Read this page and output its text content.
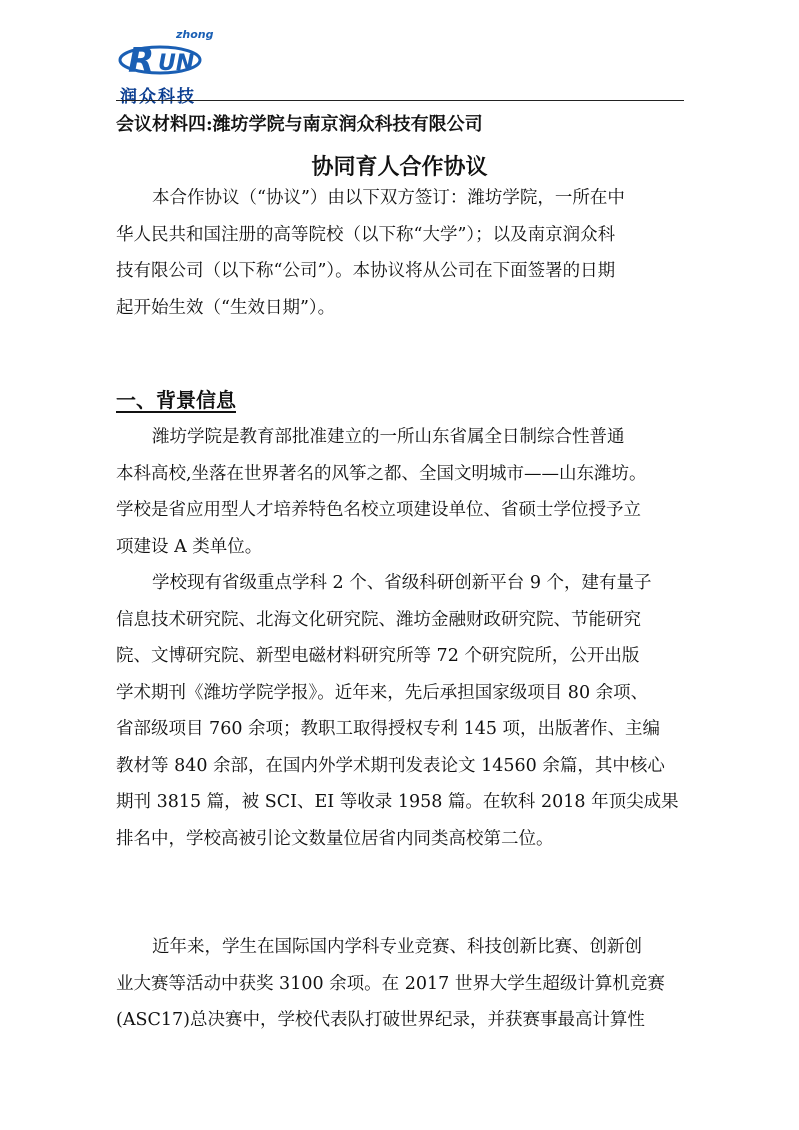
R UN
zhong
润众科技
会议材料四:潍坊学院与南京润众科技有限公司
协同育人合作协议
本合作协议（“协议”）由以下双方签订：潍坊学院，一所在中
华人民共和国注册的高等院校（以下称“大学”）；以及南京润众科
技有限公司（以下称“公司”）。本协议将从公司在下面签署的日期
起开始生效（“生效日期”）。
一、背景信息
潍坊学院是教育部批准建立的一所山东省属全日制综合性普通
本科高校,坐落在世界著名的风筝之都、全国文明城市——山东潍坊。
学校是省应用型人才培养特色名校立项建设单位、省硕士学位授予立
项建设 A 类单位。
学校现有省级重点学科 2 个、省级科研创新平台 9 个，建有量子
信息技术研究院、北海文化研究院、潍坊金融财政研究院、节能研究
院、文博研究院、新型电磁材料研究所等 72 个研究院所，公开出版
学术期刊《潍坊学院学报》。近年来，先后承担国家级项目 80 余项、
省部级项目 760 余项；教职工取得授权专利 145 项，出版著作、主编
教材等 840 余部，在国内外学术期刊发表论文 14560 余篇，其中核心
期刊 3815 篇，被 SCI、EI 等收录 1958 篇。在软科 2018 年顶尖成果
排名中，学校高被引论文数量位居省内同类高校第二位。
近年来，学生在国际国内学科专业竞赛、科技创新比赛、创新创
业大赛等活动中获奖 3100 余项。在 2017 世界大学生超级计算机竞赛
(ASC17)总决赛中，学校代表队打破世界纪录，并获赛事最高计算性
